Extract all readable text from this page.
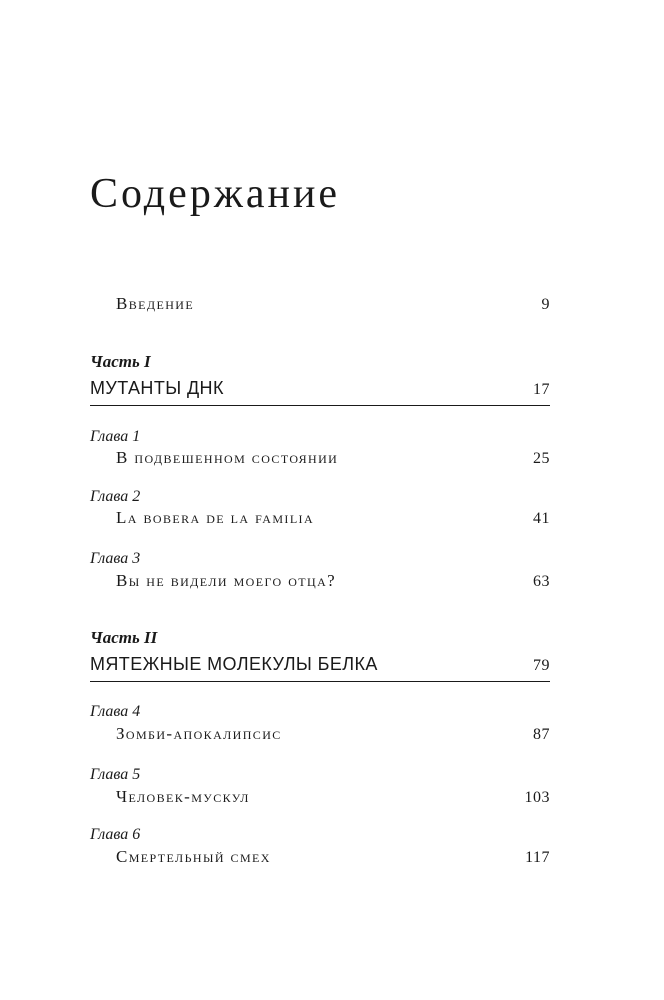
Содержание
Введение	9
Часть I
МУТАНТЫ ДНК	17
Глава 1
В подвешенном состоянии	25
Глава 2
La bobera de la familia	41
Глава 3
Вы не видели моего отца?	63
Часть II
МЯТЕЖНЫЕ МОЛЕКУЛЫ БЕЛКА	79
Глава 4
Зомби-апокалипсис	87
Глава 5
Человек-мускул	103
Глава 6
Смертельный смех	117
